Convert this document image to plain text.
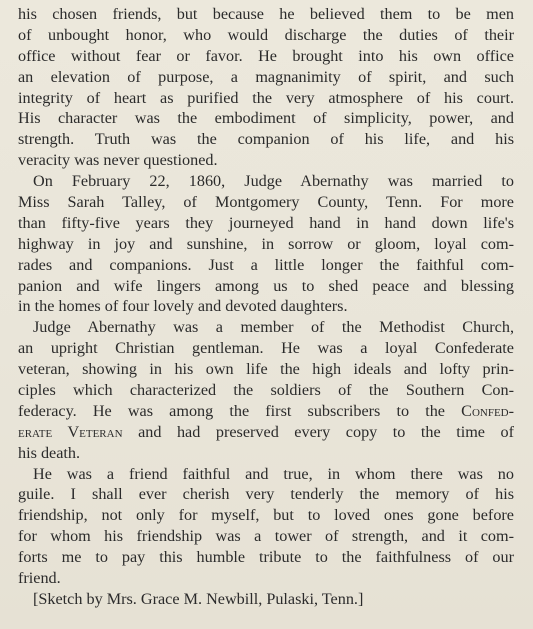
his chosen friends, but because he believed them to be men
of unbought honor, who would discharge the duties of their
office without fear or favor. He brought into his own office
an elevation of purpose, a magnanimity of spirit, and such
integrity of heart as purified the very atmosphere of his court.
His character was the embodiment of simplicity, power, and
strength. Truth was the companion of his life, and his
veracity was never questioned.
On February 22, 1860, Judge Abernathy was married to
Miss Sarah Talley, of Montgomery County, Tenn. For more
than fifty-five years they journeyed hand in hand down life's
highway in joy and sunshine, in sorrow or gloom, loyal com-
rades and companions. Just a little longer the faithful com-
panion and wife lingers among us to shed peace and blessing
in the homes of four lovely and devoted daughters.
Judge Abernathy was a member of the Methodist Church,
an upright Christian gentleman. He was a loyal Confederate
veteran, showing in his own life the high ideals and lofty prin-
ciples which characterized the soldiers of the Southern Con-
federacy. He was among the first subscribers to the Confed-
erate Veteran and had preserved every copy to the time of
his death.
He was a friend faithful and true, in whom there was no
guile. I shall ever cherish very tenderly the memory of his
friendship, not only for myself, but to loved ones gone before
for whom his friendship was a tower of strength, and it com-
forts me to pay this humble tribute to the faithfulness of our
friend.
[Sketch by Mrs. Grace M. Newbill, Pulaski, Tenn.]
